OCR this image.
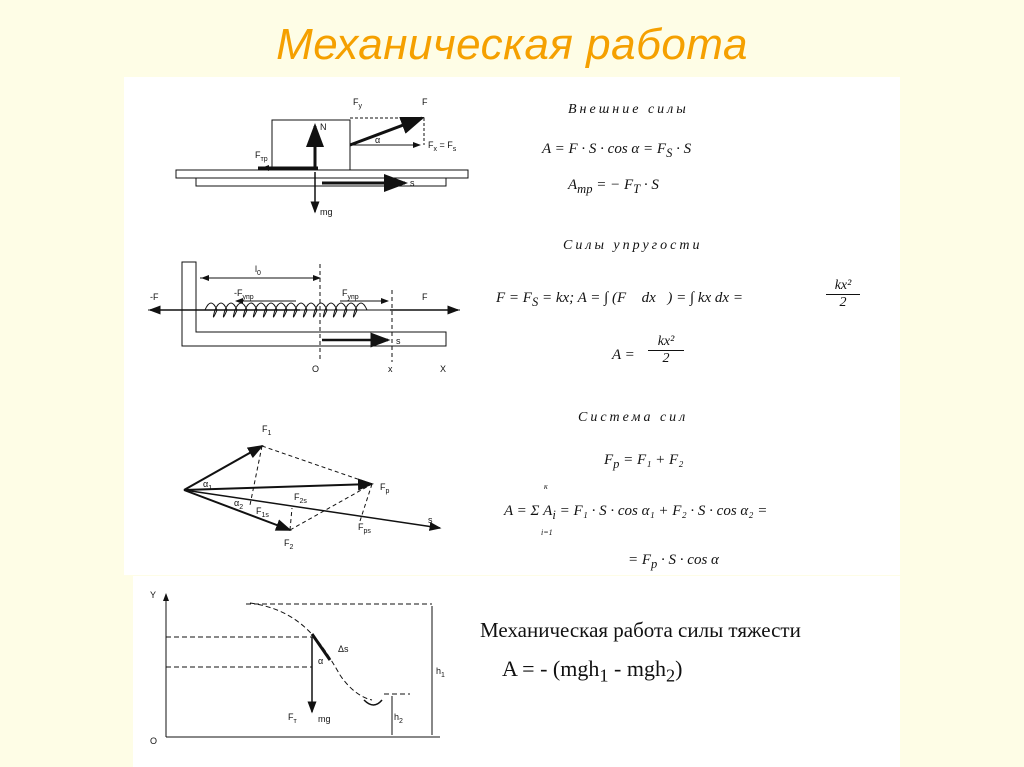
Механическая работа
$F_y$	F
N
$F_{тр}$
α	$F_x = F_s$
s
mg
$l_0$
-F	$-F_{упр}$	$F_{упр}$	F
s
O	x	X
$F_1$
$F_р$
$\alpha_1$
$\alpha_2$
$F_{2s}$
$F_{1s}$
$F_2$
$F_{рs}$
s
Y
O
α
Δs
$h_1$
$h_2$
$F_т$ mg
Внешние силы
$A = F \cdot S \cdot \cos \alpha = F_S \cdot S$
$A_{тр}$ = − $F_Т \cdot S$
Силы упругости
$F = F_S$ = kx; A = ∫ (F⃗ dx⃗) = ∫ kx dx =
kx²
2
A =
kx²
2
Система сил
$F_р = F_1 + F_2$
к
i=1
A = Σ $A_i = F_1 \cdot S \cdot \cos \alpha_1 + F_2 \cdot S \cdot \cos \alpha_2$ =
= $F_р \cdot S \cdot \cos \alpha$
Механическая работа силы тяжести
A = - (mgh$_1$ - mgh$_2$)
